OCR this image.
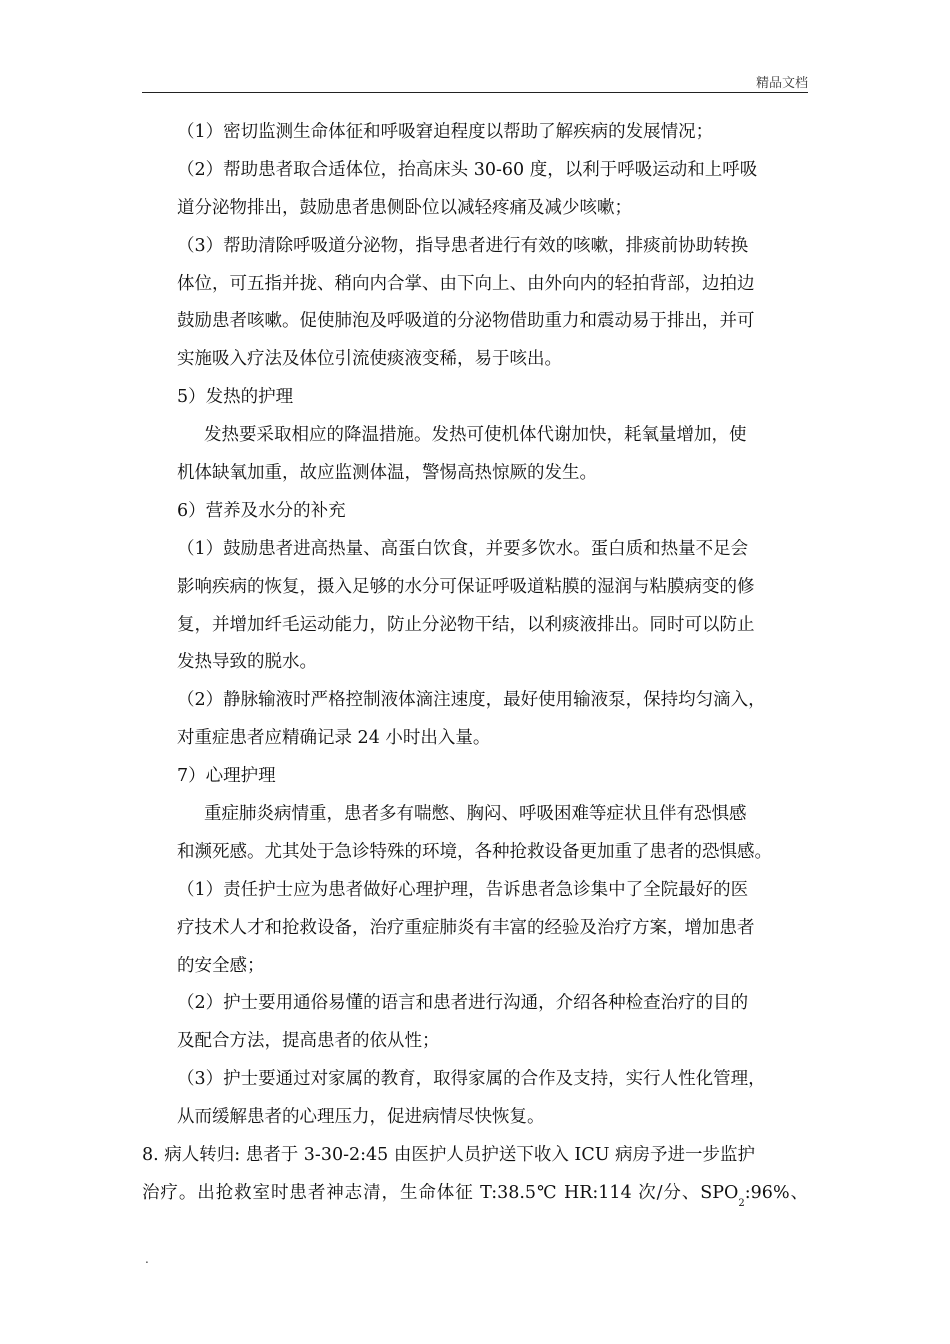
精品文档
（1）密切监测生命体征和呼吸窘迫程度以帮助了解疾病的发展情况；
（2）帮助患者取合适体位，抬高床头 30-60 度，以利于呼吸运动和上呼吸
道分泌物排出，鼓励患者患侧卧位以减轻疼痛及减少咳嗽；
（3）帮助清除呼吸道分泌物，指导患者进行有效的咳嗽，排痰前协助转换
体位，可五指并拢、稍向内合掌、由下向上、由外向内的轻拍背部，边拍边
鼓励患者咳嗽。促使肺泡及呼吸道的分泌物借助重力和震动易于排出，并可
实施吸入疗法及体位引流使痰液变稀，易于咳出。
5）发热的护理
发热要采取相应的降温措施。发热可使机体代谢加快，耗氧量增加，使
机体缺氧加重，故应监测体温，警惕高热惊厥的发生。
6）营养及水分的补充
（1）鼓励患者进高热量、高蛋白饮食，并要多饮水。蛋白质和热量不足会
影响疾病的恢复，摄入足够的水分可保证呼吸道粘膜的湿润与粘膜病变的修
复，并增加纤毛运动能力，防止分泌物干结，以利痰液排出。同时可以防止
发热导致的脱水。
（2）静脉输液时严格控制液体滴注速度，最好使用输液泵，保持均匀滴入，
对重症患者应精确记录 24 小时出入量。
7）心理护理
重症肺炎病情重，患者多有喘憋、胸闷、呼吸困难等症状且伴有恐惧感
和濒死感。尤其处于急诊特殊的环境，各种抢救设备更加重了患者的恐惧感。
（1）责任护士应为患者做好心理护理，告诉患者急诊集中了全院最好的医
疗技术人才和抢救设备，治疗重症肺炎有丰富的经验及治疗方案，增加患者
的安全感；
（2）护士要用通俗易懂的语言和患者进行沟通，介绍各种检查治疗的目的
及配合方法，提高患者的依从性；
（3）护士要通过对家属的教育，取得家属的合作及支持，实行人性化管理，
从而缓解患者的心理压力，促进病情尽快恢复。
8. 病人转归: 患者于 3-30-2:45 由医护人员护送下收入 ICU 病房予进一步监护
治疗。出抢救室时患者神志清，生命体征 T:38.5℃ HR:114 次/分、$SPO_2:96\%$、
.
